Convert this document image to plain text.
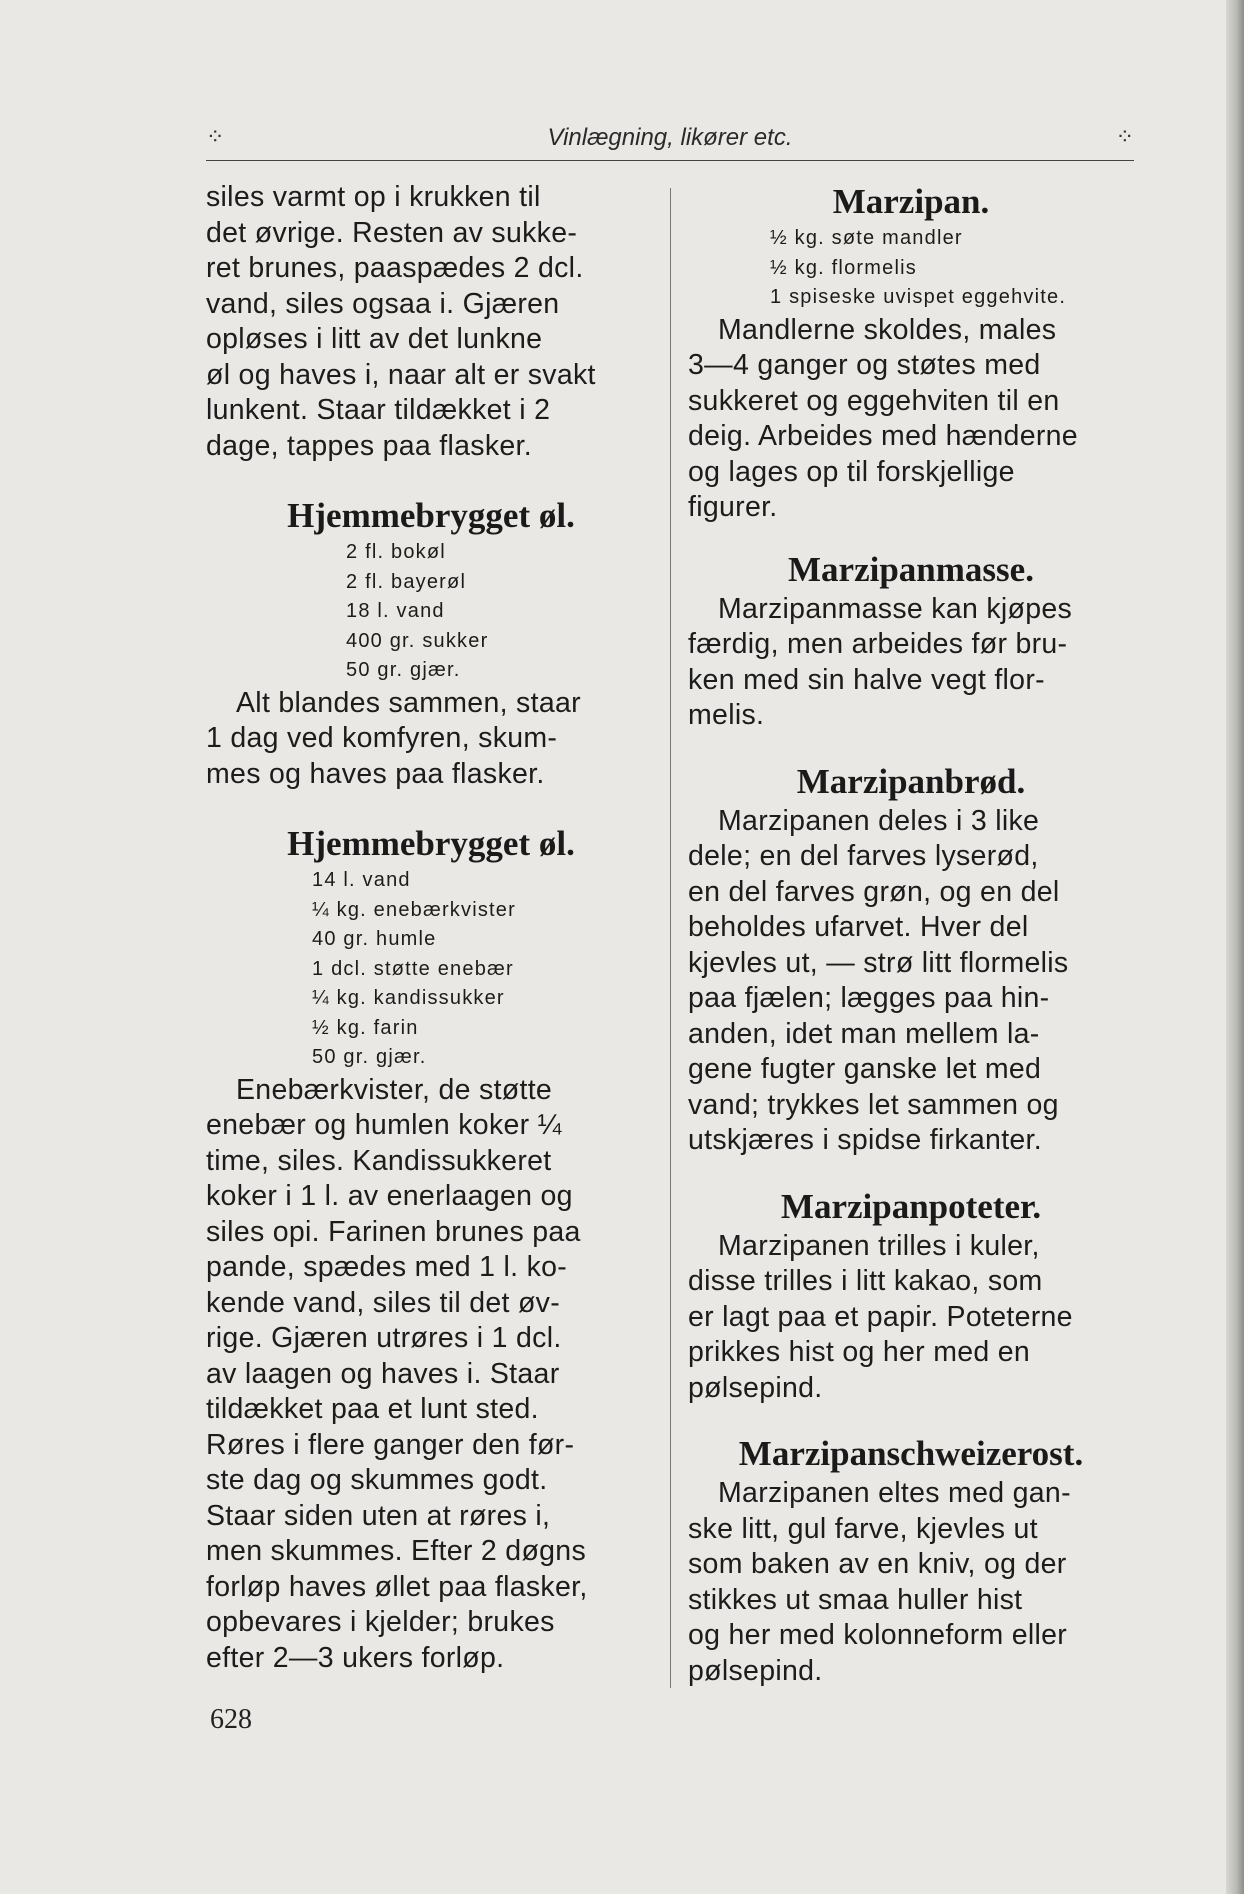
⁘	Vinlægning, likører etc.	⁘

siles varmt op i krukken til

det øvrige. Resten av sukke-

ret brunes, paaspædes 2 dcl.

vand, siles ogsaa i. Gjæren

opløses i litt av det lunkne

øl og haves i, naar alt er svakt

lunkent. Staar tildækket i 2

dage, tappes paa flasker.

Hjemmebrygget øl.
2 fl. bokøl
2 fl. bayerøl
18 l. vand
400 gr. sukker
50 gr. gjær.

Alt blandes sammen, staar

1 dag ved komfyren, skum-

mes og haves paa flasker.

Hjemmebrygget øl.
14 l. vand
¼ kg. enebærkvister
40 gr. humle
1 dcl. støtte enebær
¼ kg. kandissukker
½ kg. farin
50 gr. gjær.

Enebærkvister, de støtte

enebær og humlen koker ¼

time, siles. Kandissukkeret

koker i 1 l. av enerlaagen og

siles opi. Farinen brunes paa

pande, spædes med 1 l. ko-

kende vand, siles til det øv-

rige. Gjæren utrøres i 1 dcl.

av laagen og haves i. Staar

tildækket paa et lunt sted.

Røres i flere ganger den før-

ste dag og skummes godt.

Staar siden uten at røres i,

men skummes. Efter 2 døgns

forløp haves øllet paa flasker,

opbevares i kjelder; brukes

efter 2—3 ukers forløp.

Marzipan.
½ kg. søte mandler
½ kg. flormelis
1 spiseske uvispet eggehvite.

Mandlerne skoldes, males

3—4 ganger og støtes med

sukkeret og eggehviten til en

deig. Arbeides med hænderne

og lages op til forskjellige

figurer.

Marzipanmasse.

Marzipanmasse kan kjøpes

færdig, men arbeides før bru-

ken med sin halve vegt flor-

melis.

Marzipanbrød.

Marzipanen deles i 3 like

dele; en del farves lyserød,

en del farves grøn, og en del

beholdes ufarvet. Hver del

kjevles ut, — strø litt flormelis

paa fjælen; lægges paa hin-

anden, idet man mellem la-

gene fugter ganske let med

vand; trykkes let sammen og

utskjæres i spidse firkanter.

Marzipanpoteter.

Marzipanen trilles i kuler,

disse trilles i litt kakao, som

er lagt paa et papir. Poteterne

prikkes hist og her med en

pølsepind.

Marzipanschweizerost.

Marzipanen eltes med gan-

ske litt, gul farve, kjevles ut

som baken av en kniv, og der

stikkes ut smaa huller hist

og her med kolonneform eller

pølsepind.

628
